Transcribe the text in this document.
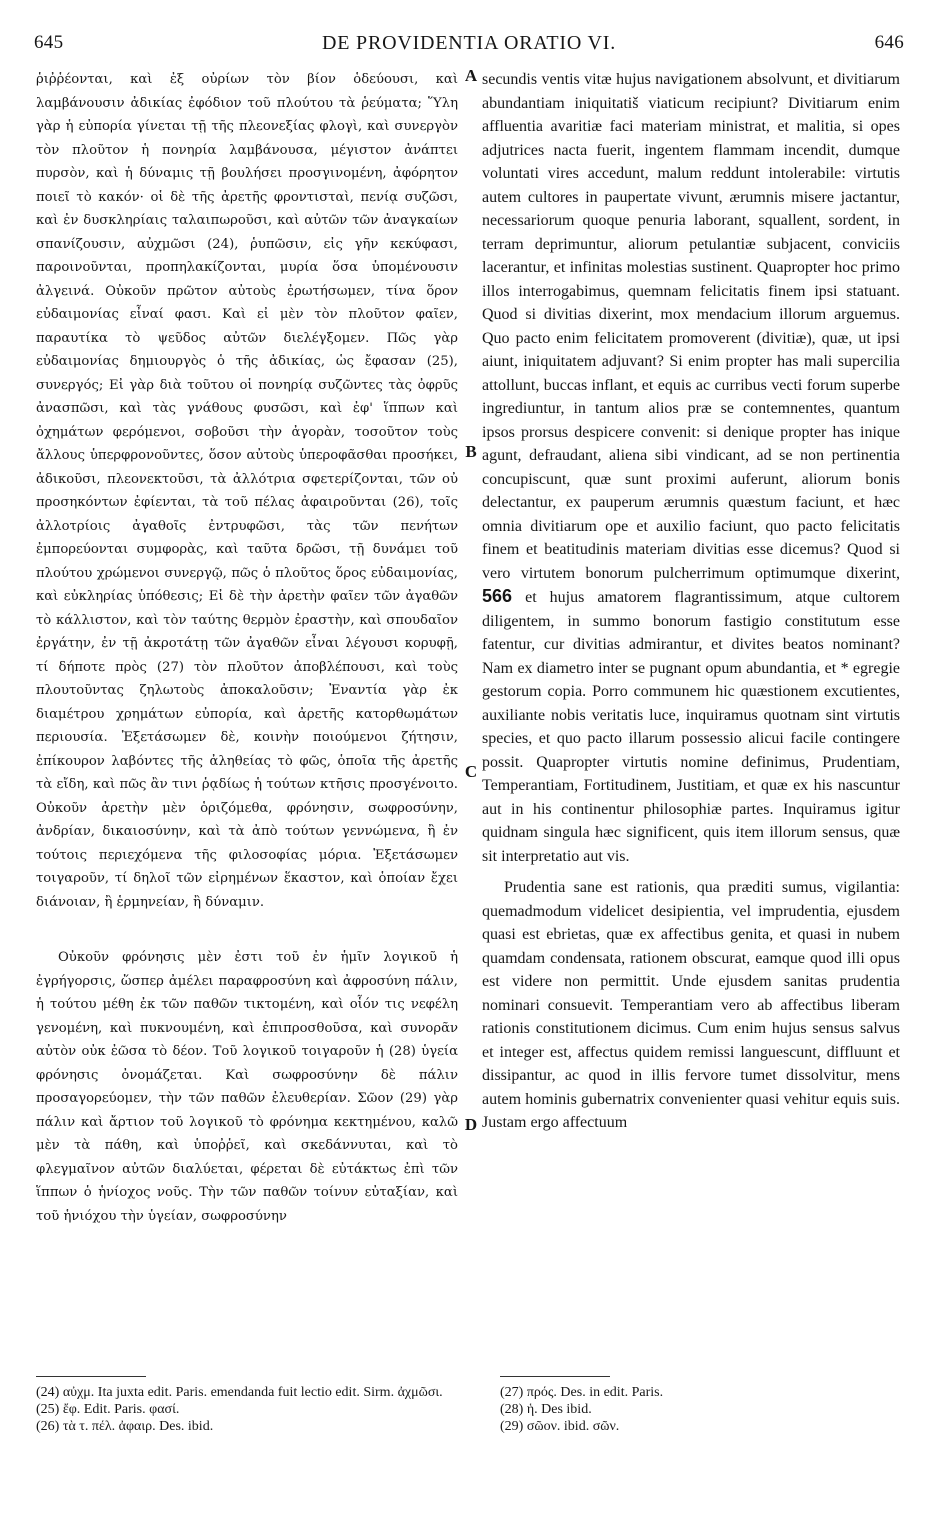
645	DE PROVIDENTIA ORATIO VI.	646

ῥιῤῥέονται, καὶ ἐξ οὐρίων τὸν βίον ὁδεύουσι, καὶ λαμβάνουσιν ἀδικίας ἐφόδιον τοῦ πλούτου τὰ ῥεύματα; Ὕλη γὰρ ἡ εὐπορία γίνεται τῇ τῆς πλεονεξίας φλογὶ, καὶ συνεργὸν τὸν πλοῦτον ἡ πονηρία λαμβάνουσα, μέγιστον ἀνάπτει πυρσὸν, καὶ ἡ δύναμις τῇ βουλήσει προσγινομένη, ἀφόρητον ποιεῖ τὸ κακόν· οἱ δὲ τῆς ἀρετῆς φροντισταὶ, πενίᾳ συζῶσι, καὶ ἐν δυσκληρίαις ταλαιπωροῦσι, καὶ αὐτῶν τῶν ἀναγκαίων σπανίζουσιν, αὐχμῶσι (24), ῥυπῶσιν, εἰς γῆν κεκύφασι, παροινοῦνται, προπηλακίζονται, μυρία ὅσα ὑπομένουσιν ἀλγεινά. Οὐκοῦν πρῶτον αὐτοὺς ἐρωτήσωμεν, τίνα ὅρον εὐδαιμονίας εἶναί φασι. Καὶ εἰ μὲν τὸν πλοῦτον φαῖεν, παραυτίκα τὸ ψεῦδος αὐτῶν διελέγξομεν. Πῶς γὰρ εὐδαιμονίας δημιουργὸς ὁ τῆς ἀδικίας, ὡς ἔφασαν (25), συνεργός; Εἰ γὰρ διὰ τοῦτου οἱ πονηρίᾳ συζῶντες τὰς ὀφρῦς ἀνασπῶσι, καὶ τὰς γνάθους φυσῶσι, καὶ ἐφ' ἵππων καὶ ὀχημάτων φερόμενοι, σοβοῦσι τὴν ἀγορὰν, τοσοῦτον τοὺς ἄλλους ὑπερφρονοῦντες, ὅσον αὐτοὺς ὑπεροφᾶσθαι προσήκει, ἀδικοῦσι, πλεονεκτοῦσι, τὰ ἀλλότρια σφετερίζονται, τῶν οὐ προσηκόντων ἐφίενται, τὰ τοῦ πέλας ἀφαιροῦνται (26), τοῖς ἀλλοτρίοις ἀγαθοῖς ἐντρυφῶσι, τὰς τῶν πενήτων ἐμπορεύονται συμφορὰς, καὶ ταῦτα δρῶσι, τῇ δυνάμει τοῦ πλούτου χρώμενοι συνεργῷ, πῶς ὁ πλοῦτος ὅρος εὐδαιμονίας, καὶ εὐκληρίας ὑπόθεσις; Εἰ δὲ τὴν ἀρετὴν φαῖεν τῶν ἀγαθῶν τὸ κάλλιστον, καὶ τὸν ταύτης θερμὸν ἐραστὴν, καὶ σπουδαῖον ἐργάτην, ἐν τῇ ἀκροτάτῃ τῶν ἀγαθῶν εἶναι λέγουσι κορυφῇ, τί δήποτε πρὸς (27) τὸν πλοῦτον ἀποβλέπουσι, καὶ τοὺς πλουτοῦντας ζηλωτοὺς ἀποκαλοῦσιν; Ἐναντία γὰρ ἐκ διαμέτρου χρημάτων εὐπορία, καὶ ἀρετῆς κατορθωμάτων περιουσία. Ἐξετάσωμεν δὲ, κοινὴν ποιούμενοι ζήτησιν, ἐπίκουρον λαβόντες τῆς ἀληθείας τὸ φῶς, ὁποῖα τῆς ἀρετῆς τὰ εἴδη, καὶ πῶς ἂν τινι ῥᾳδίως ἡ τούτων κτῆσις προσγένοιτο. Οὐκοῦν ἀρετὴν μὲν ὁριζόμεθα, φρόνησιν, σωφροσύνην, ἀνδρίαν, δικαιοσύνην, καὶ τὰ ἀπὸ τούτων γεννώμενα, ἢ ἐν τούτοις περιεχόμενα τῆς φιλοσοφίας μόρια. Ἐξετάσωμεν τοιγαροῦν, τί δηλοῖ τῶν εἰρημένων ἕκαστον, καὶ ὁποίαν ἔχει διάνοιαν, ἢ ἑρμηνείαν, ἢ δύναμιν.

Οὐκοῦν φρόνησις μὲν ἐστι τοῦ ἐν ἡμῖν λογικοῦ ἡ ἐγρήγορσις, ὥσπερ ἀμέλει παραφροσύνη καὶ ἀφροσύνη πάλιν, ἡ τούτου μέθη ἐκ τῶν παθῶν τικτομένη, καὶ οἷόν τις νεφέλη γενομένη, καὶ πυκνουμένη, καὶ ἐπιπροσθοῦσα, καὶ συνορᾶν αὐτὸν οὐκ ἐῶσα τὸ δέον. Τοῦ λογικοῦ τοιγαροῦν ἡ (28) ὑγεία φρόνησις ὀνομάζεται. Καὶ σωφροσύνην δὲ πάλιν προσαγορεύομεν, τὴν τῶν παθῶν ἐλευθερίαν. Σῶον (29) γὰρ πάλιν καὶ ἄρτιον τοῦ λογικοῦ τὸ φρόνημα κεκτημένου, καλῶ μὲν τὰ πάθη, καὶ ὑποῤῥεῖ, καὶ σκεδάννυται, καὶ τὸ φλεγμαῖνον αὐτῶν διαλύεται, φέρεται δὲ εὐτάκτως ἐπὶ τῶν ἵππων ὁ ἡνίοχος νοῦς. Τὴν τῶν παθῶν τοίνυν εὐταξίαν, καὶ τοῦ ἡνιόχου τὴν ὑγείαν, σωφροσύνην

A
B
C
D

secundis ventis vitæ hujus navigationem absolvunt, et divitiarum abundantiam iniquitatiš viaticum recipiunt? Divitiarum enim affluentia avaritiæ faci materiam ministrat, et malitia, si opes adjutrices nacta fuerit, ingentem flammam incendit, dumque voluntati vires accedunt, malum reddunt intolerabile: virtutis autem cultores in paupertate vivunt, ærumnis misere jactantur, necessariorum quoque penuria laborant, squallent, sordent, in terram deprimuntur, aliorum petulantiæ subjacent, conviciis lacerantur, et infinitas molestias sustinent. Quapropter hoc primo illos interrogabimus, quemnam felicitatis finem ipsi statuant. Quod si divitias dixerint, mox mendacium illorum arguemus. Quo pacto enim felicitatem promoverent (divitiæ), quæ, ut ipsi aiunt, iniquitatem adjuvant? Si enim propter has mali supercilia attollunt, buccas inflant, et equis ac curribus vecti forum superbe ingrediuntur, in tantum alios præ se contemnentes, quantum ipsos prorsus despicere convenit: si denique propter has inique agunt, defraudant, aliena sibi vindicant, ad se non pertinentia concupiscunt, quæ sunt proximi auferunt, aliorum bonis delectantur, ex pauperum ærumnis quæstum faciunt, et hæc omnia divitiarum ope et auxilio faciunt, quo pacto felicitatis finem et beatitudinis materiam divitias esse dicemus? Quod si vero virtutem bonorum pulcherrimum optimumque dixerint, 566 et hujus amatorem flagrantissimum, atque cultorem diligentem, in summo bonorum fastigio constitutum esse fatentur, cur divitias admirantur, et divites beatos nominant? Nam ex diametro inter se pugnant opum abundantia, et * egregie gestorum copia. Porro communem hic quæstionem excutientes, auxiliante nobis veritatis luce, inquiramus quotnam sint virtutis species, et quo pacto illarum possessio alicui facile contingere possit. Quapropter virtutis nomine definimus, Prudentiam, Temperantiam, Fortitudinem, Justitiam, et quæ ex his nascuntur aut in his continentur philosophiæ partes. Inquiramus igitur quidnam singula hæc significent, quis item illorum sensus, quæ sit interpretatio aut vis.

Prudentia sane est rationis, qua præditi sumus, vigilantia: quemadmodum videlicet desipientia, vel imprudentia, ejusdem quasi est ebrietas, quæ ex affectibus genita, et quasi in nubem quamdam condensata, rationem obscurat, eamque quod illi opus est videre non permittit. Unde ejusdem sanitas prudentia nominari consuevit. Temperantiam vero ab affectibus liberam rationis constitutionem dicimus. Cum enim hujus sensus salvus et integer est, affectus quidem remissi languescunt, diffluunt et dissipantur, ac quod in illis fervore tumet dissolvitur, mens autem hominis gubernatrix convenienter quasi vehitur equis suis. Justam ergo affectuum

(24) αὐχμ. Ita juxta edit. Paris. emendanda fuit lectio edit. Sirm. ἀχμῶσι.
(25) ἔφ. Edit. Paris. φασί.
(26) τὰ τ. πέλ. ἀφαιρ. Des. ibid.
(27) πρός. Des. in edit. Paris.
(28) ἡ. Des ibid.
(29) σῶον. ibid. σῶν.
